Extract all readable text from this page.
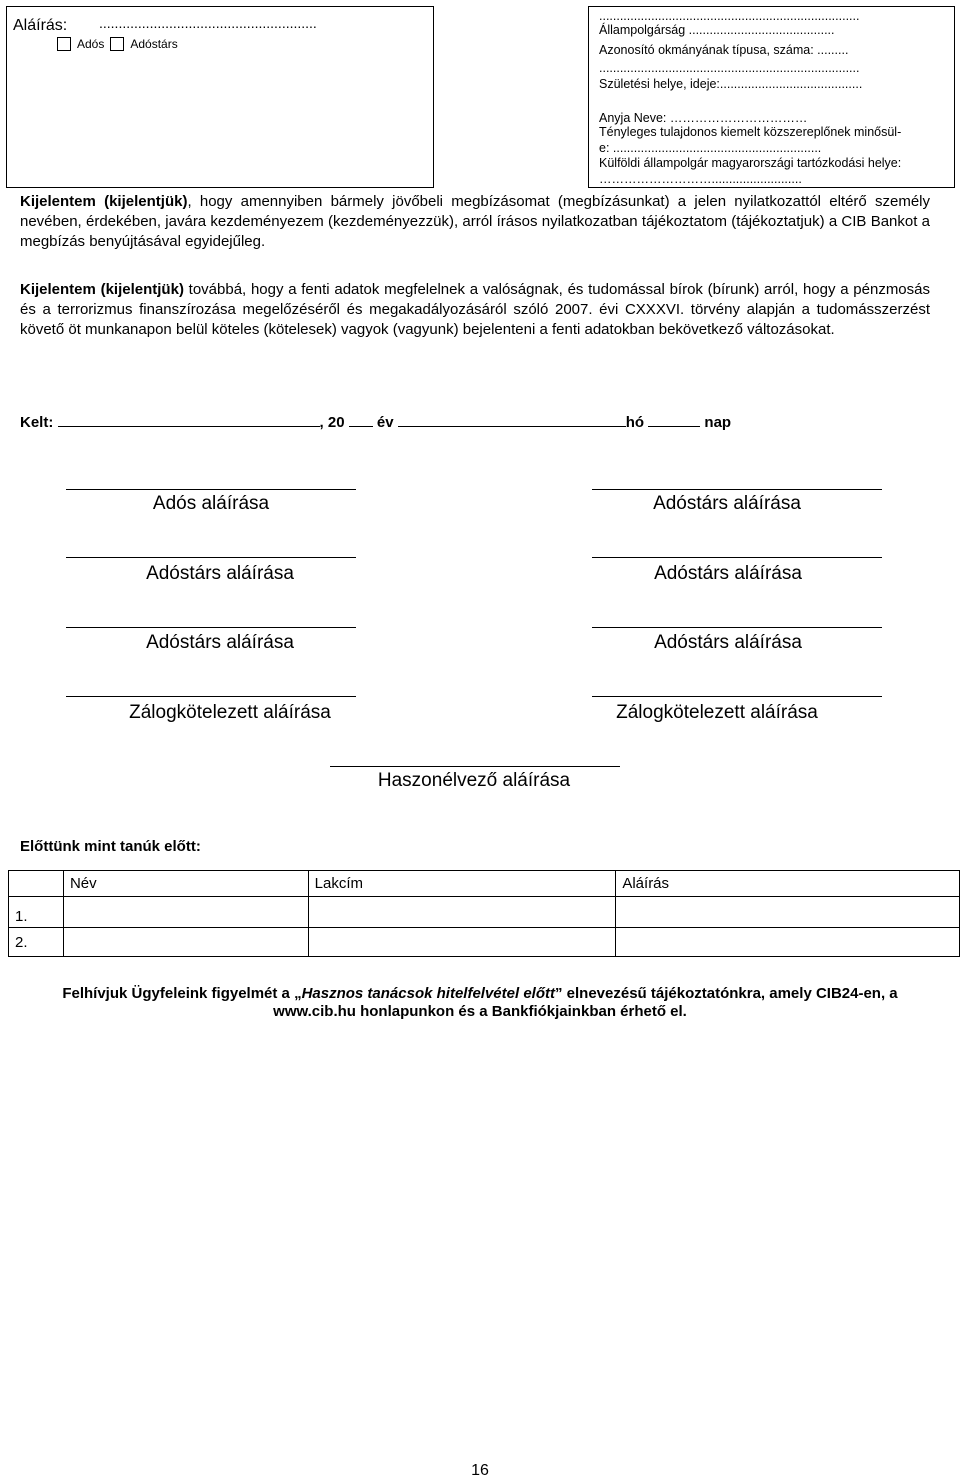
Aláírás: ........................................................
Adós Adóstárs
...........................................................................
Állampolgárság ..........................................
Azonosító okmányának típusa, száma: .........
...........................................................................
Születési helye, ideje:.........................................
Anyja Neve: ……………………………
Tényleges tulajdonos kiemelt közszereplőnek minősül-
e: ............................................................
Külföldi állampolgár magyarországi tartózkodási helye:
………………………..........................
Kijelentem (kijelentjük), hogy amennyiben bármely jövőbeli megbízásomat (megbízásunkat) a jelen nyilatkozattól eltérő személy nevében, érdekében, javára kezdeményezem (kezdeményezzük), arról írásos nyilatkozatban tájékoztatom (tájékoztatjuk) a CIB Bankot a megbízás benyújtásával egyidejűleg.
Kijelentem (kijelentjük) továbbá, hogy a fenti adatok megfelelnek a valóságnak, és tudomással bírok (bírunk) arról, hogy a pénzmosás és a terrorizmus finanszírozása megelőzéséről és megakadályozásáról szóló 2007. évi CXXXVI. törvény alapján a tudomásszerzést követő öt munkanapon belül köteles (kötelesek) vagyok (vagyunk) bejelenteni a fenti adatokban bekövetkező változásokat.
Kelt:	, 20 év	hó	nap
Adós aláírása	Adóstárs aláírása
Adóstárs aláírása	Adóstárs aláírása
Adóstárs aláírása	Adóstárs aláírása
Zálogkötelezett aláírása	Zálogkötelezett aláírása
Haszonélvező aláírása
Előttünk mint tanúk előtt:
	Név	Lakcím	Aláírás
1.			
2.			
Felhívjuk Ügyfeleink figyelmét a „Hasznos tanácsok hitelfelvétel előtt” elnevezésű tájékoztatónkra, amely CIB24-en, a www.cib.hu honlapunkon és a Bankfiókjainkban érhető el.
16
